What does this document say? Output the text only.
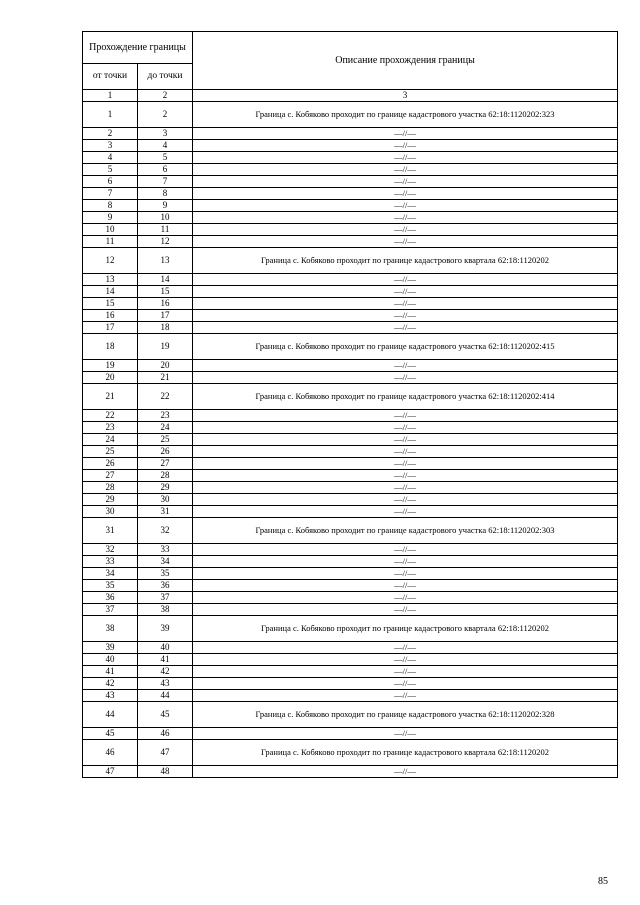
Прохождение границы		Описание прохождения границы
от точки	до точки	
1	2	3
1	2	Граница с. Кобяково проходит по границе кадастрового участка 62:18:1120202:323
2	3	—//—
3	4	—//—
4	5	—//—
5	6	—//—
6	7	—//—
7	8	—//—
8	9	—//—
9	10	—//—
10	11	—//—
11	12	—//—
12	13	Граница с. Кобяково проходит по границе кадастрового квартала 62:18:1120202
13	14	—//—
14	15	—//—
15	16	—//—
16	17	—//—
17	18	—//—
18	19	Граница с. Кобяково проходит по границе кадастрового участка 62:18:1120202:415
19	20	—//—
20	21	—//—
21	22	Граница с. Кобяково проходит по границе кадастрового участка 62:18:1120202:414
22	23	—//—
23	24	—//—
24	25	—//—
25	26	—//—
26	27	—//—
27	28	—//—
28	29	—//—
29	30	—//—
30	31	—//—
31	32	Граница с. Кобяково проходит по границе кадастрового участка 62:18:1120202:303
32	33	—//—
33	34	—//—
34	35	—//—
35	36	—//—
36	37	—//—
37	38	—//—
38	39	Граница с. Кобяково проходит по границе кадастрового квартала 62:18:1120202
39	40	—//—
40	41	—//—
41	42	—//—
42	43	—//—
43	44	—//—
44	45	Граница с. Кобяково проходит по границе кадастрового участка 62:18:1120202:328
45	46	—//—
46	47	Граница с. Кобяково проходит по границе кадастрового квартала 62:18:1120202
47	48	—//—
85
